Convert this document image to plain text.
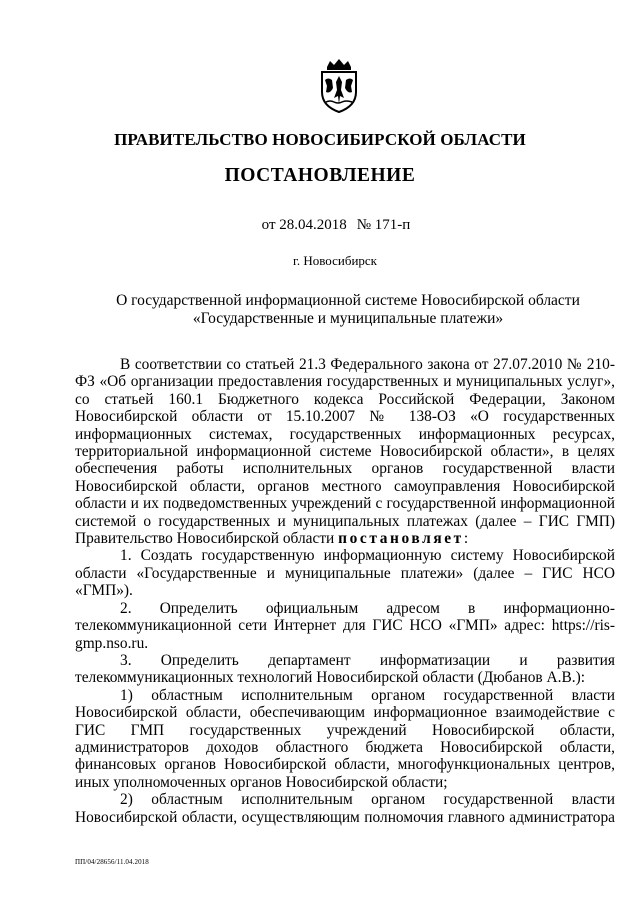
ПРАВИТЕЛЬСТВО НОВОСИБИРСКОЙ ОБЛАСТИ
ПОСТАНОВЛЕНИЕ
от 28.04.2018 № 171-п
г. Новосибирск
О государственной информационной системе Новосибирской области
«Государственные и муниципальные платежи»

В соответствии со статьей 21.3 Федерального закона от 27.07.2010 № 210-ФЗ «Об организации предоставления государственных и муниципальных услуг», со статьей 160.1 Бюджетного кодекса Российской Федерации, Законом Новосибирской области от 15.10.2007 № 138-ОЗ «О государственных информационных системах, государственных информационных ресурсах, территориальной информационной системе Новосибирской области», в целях обеспечения работы исполнительных органов государственной власти Новосибирской области, органов местного самоуправления Новосибирской области и их подведомственных учреждений с государственной информационной системой о государственных и муниципальных платежах (далее – ГИС ГМП) Правительство Новосибирской области постановляет:

1. Создать государственную информационную систему Новосибирской области «Государственные и муниципальные платежи» (далее – ГИС НСО «ГМП»).

2. Определить официальным адресом в информационно-телекоммуникационной сети Интернет для ГИС НСО «ГМП» адрес: https://ris-gmp.nso.ru.

3. Определить департамент информатизации и развития телекоммуникационных технологий Новосибирской области (Дюбанов А.В.):

1) областным исполнительным органом государственной власти Новосибирской области, обеспечивающим информационное взаимодействие с ГИС ГМП государственных учреждений Новосибирской области, администраторов доходов областного бюджета Новосибирской области, финансовых органов Новосибирской области, многофункциональных центров, иных уполномоченных органов Новосибирской области;

2) областным исполнительным органом государственной власти Новосибирской области, осуществляющим полномочия главного администратора

ПП/04/28656/11.04.2018
